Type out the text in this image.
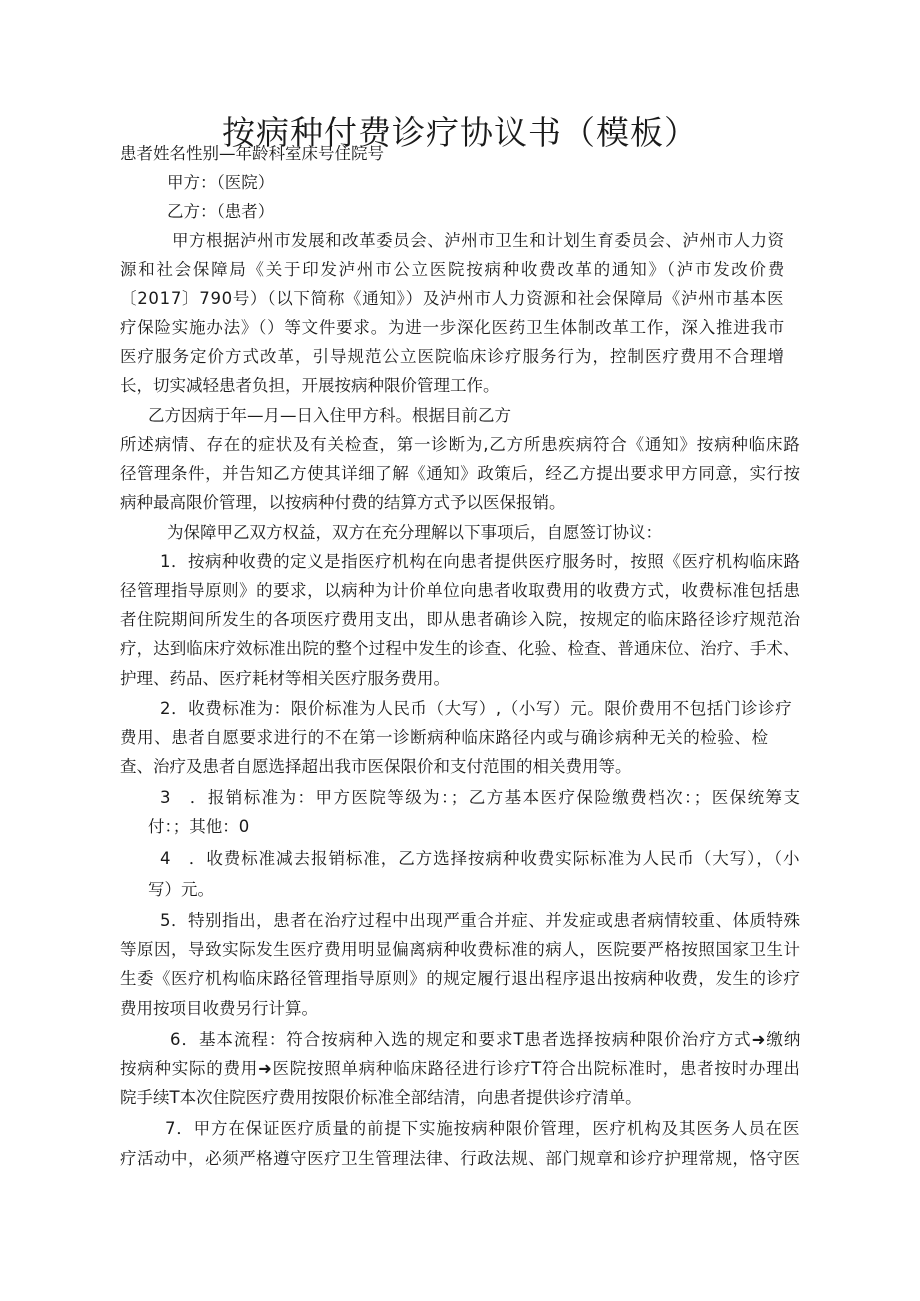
按病种付费诊疗协议书（模板）
患者姓名性别—年龄科室床号住院号
甲方：（医院）
乙方：（患者）
甲方根据泸州市发展和改革委员会、泸州市卫生和计划生育委员会、泸州市人力资
源和社会保障局《关于印发泸州市公立医院按病种收费改革的通知》（泸市发改价费
〔2017〕790号）（以下简称《通知》）及泸州市人力资源和社会保障局《泸州市基本医
疗保险实施办法》（）等文件要求。为进一步深化医药卫生体制改革工作，深入推进我市
医疗服务定价方式改革，引导规范公立医院临床诊疗服务行为，控制医疗费用不合理增
长，切实减轻患者负担，开展按病种限价管理工作。
乙方因病于年—月—日入住甲方科。根据目前乙方
所述病情、存在的症状及有关检查，第一诊断为,乙方所患疾病符合《通知》按病种临床路
径管理条件，并告知乙方使其详细了解《通知》政策后，经乙方提出要求甲方同意，实行按
病种最高限价管理，以按病种付费的结算方式予以医保报销。
为保障甲乙双方权益，双方在充分理解以下事项后，自愿签订协议：
1．按病种收费的定义是指医疗机构在向患者提供医疗服务时，按照《医疗机构临床路
径管理指导原则》的要求，以病种为计价单位向患者收取费用的收费方式，收费标准包括患
者住院期间所发生的各项医疗费用支出，即从患者确诊入院，按规定的临床路径诊疗规范治
疗，达到临床疗效标准出院的整个过程中发生的诊查、化验、检查、普通床位、治疗、手术、
护理、药品、医疗耗材等相关医疗服务费用。
2．收费标准为：限价标准为人民币（大写）,（小写）元。限价费用不包括门诊诊疗
费用、患者自愿要求进行的不在第一诊断病种临床路径内或与确诊病种无关的检验、检
查、治疗及患者自愿选择超出我市医保限价和支付范围的相关费用等。
3　．报销标准为：甲方医院等级为：；乙方基本医疗保险缴费档次：；医保统筹支
付：；其他：0
4　．收费标准减去报销标准，乙方选择按病种收费实际标准为人民币（大写），（小
写）元。
5．特别指出，患者在治疗过程中出现严重合并症、并发症或患者病情较重、体质特殊
等原因，导致实际发生医疗费用明显偏离病种收费标准的病人，医院要严格按照国家卫生计
生委《医疗机构临床路径管理指导原则》的规定履行退出程序退出按病种收费，发生的诊疗
费用按项目收费另行计算。
6．基本流程：符合按病种入选的规定和要求T患者选择按病种限价治疗方式➜缴纳
按病种实际的费用➜医院按照单病种临床路径进行诊疗T符合出院标准时，患者按时办理出
院手续T本次住院医疗费用按限价标准全部结清，向患者提供诊疗清单。
7．甲方在保证医疗质量的前提下实施按病种限价管理，医疗机构及其医务人员在医
疗活动中，必须严格遵守医疗卫生管理法律、行政法规、部门规章和诊疗护理常规，恪守医
